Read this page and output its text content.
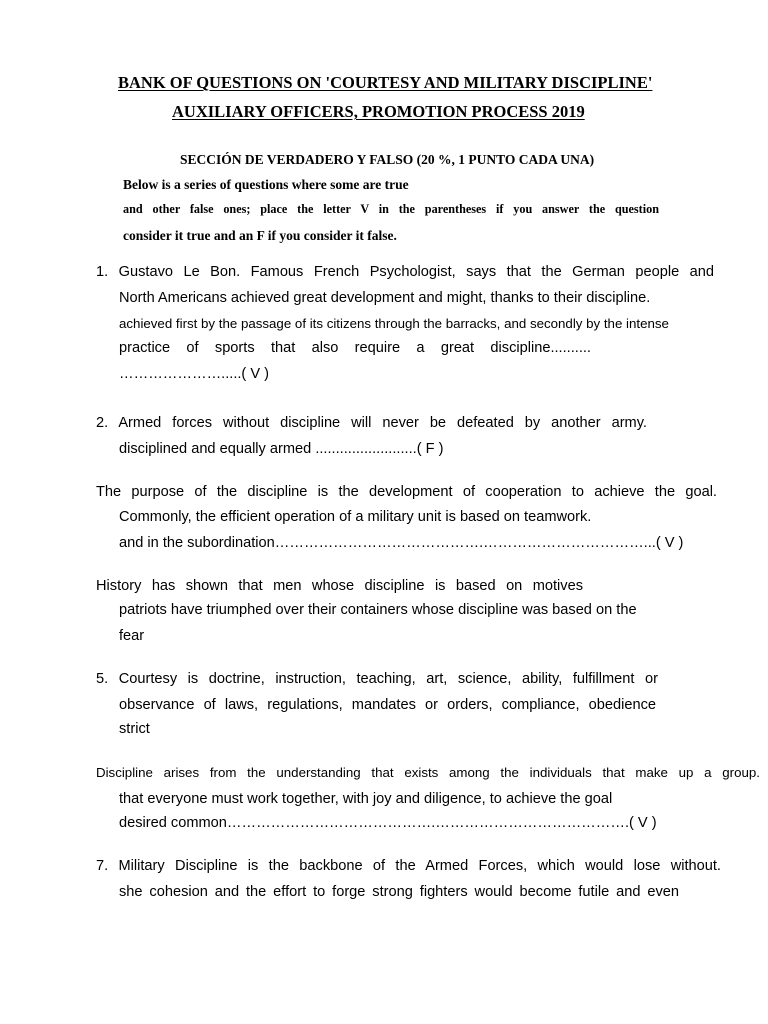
BANK OF QUESTIONS ON 'COURTESY AND MILITARY DISCIPLINE'
AUXILIARY OFFICERS, PROMOTION PROCESS 2019
SECCIÓN DE VERDADERO Y FALSO (20 %, 1 PUNTO CADA UNA)
Below is a series of questions where some are true
and other false ones; place the letter V in the parentheses if you answer the question
consider it true and an F if you consider it false.
1. Gustavo Le Bon. Famous French Psychologist, says that the German people and
North Americans achieved great development and might, thanks to their discipline.
achieved first by the passage of its citizens through the barracks, and secondly by the intense
practice of sports that also require a great discipline..........
………………….....( V )
2. Armed forces without discipline will never be defeated by another army.
disciplined and equally armed .........................( F )
The purpose of the discipline is the development of cooperation to achieve the goal.
Commonly, the efficient operation of a military unit is based on teamwork.
and in the subordination…………………………………….……………………………...( V )
History has shown that men whose discipline is based on motives
patriots have triumphed over their containers whose discipline was based on the
fear
5. Courtesy is doctrine, instruction, teaching, art, science, ability, fulfillment or
observance of laws, regulations, mandates or orders, compliance, obedience
strict
Discipline arises from the understanding that exists among the individuals that make up a group.
that everyone must work together, with joy and diligence, to achieve the goal
desired common…………………………………….………………………………….( V )
7. Military Discipline is the backbone of the Armed Forces, which would lose without.
she cohesion and the effort to forge strong fighters would become futile and even
